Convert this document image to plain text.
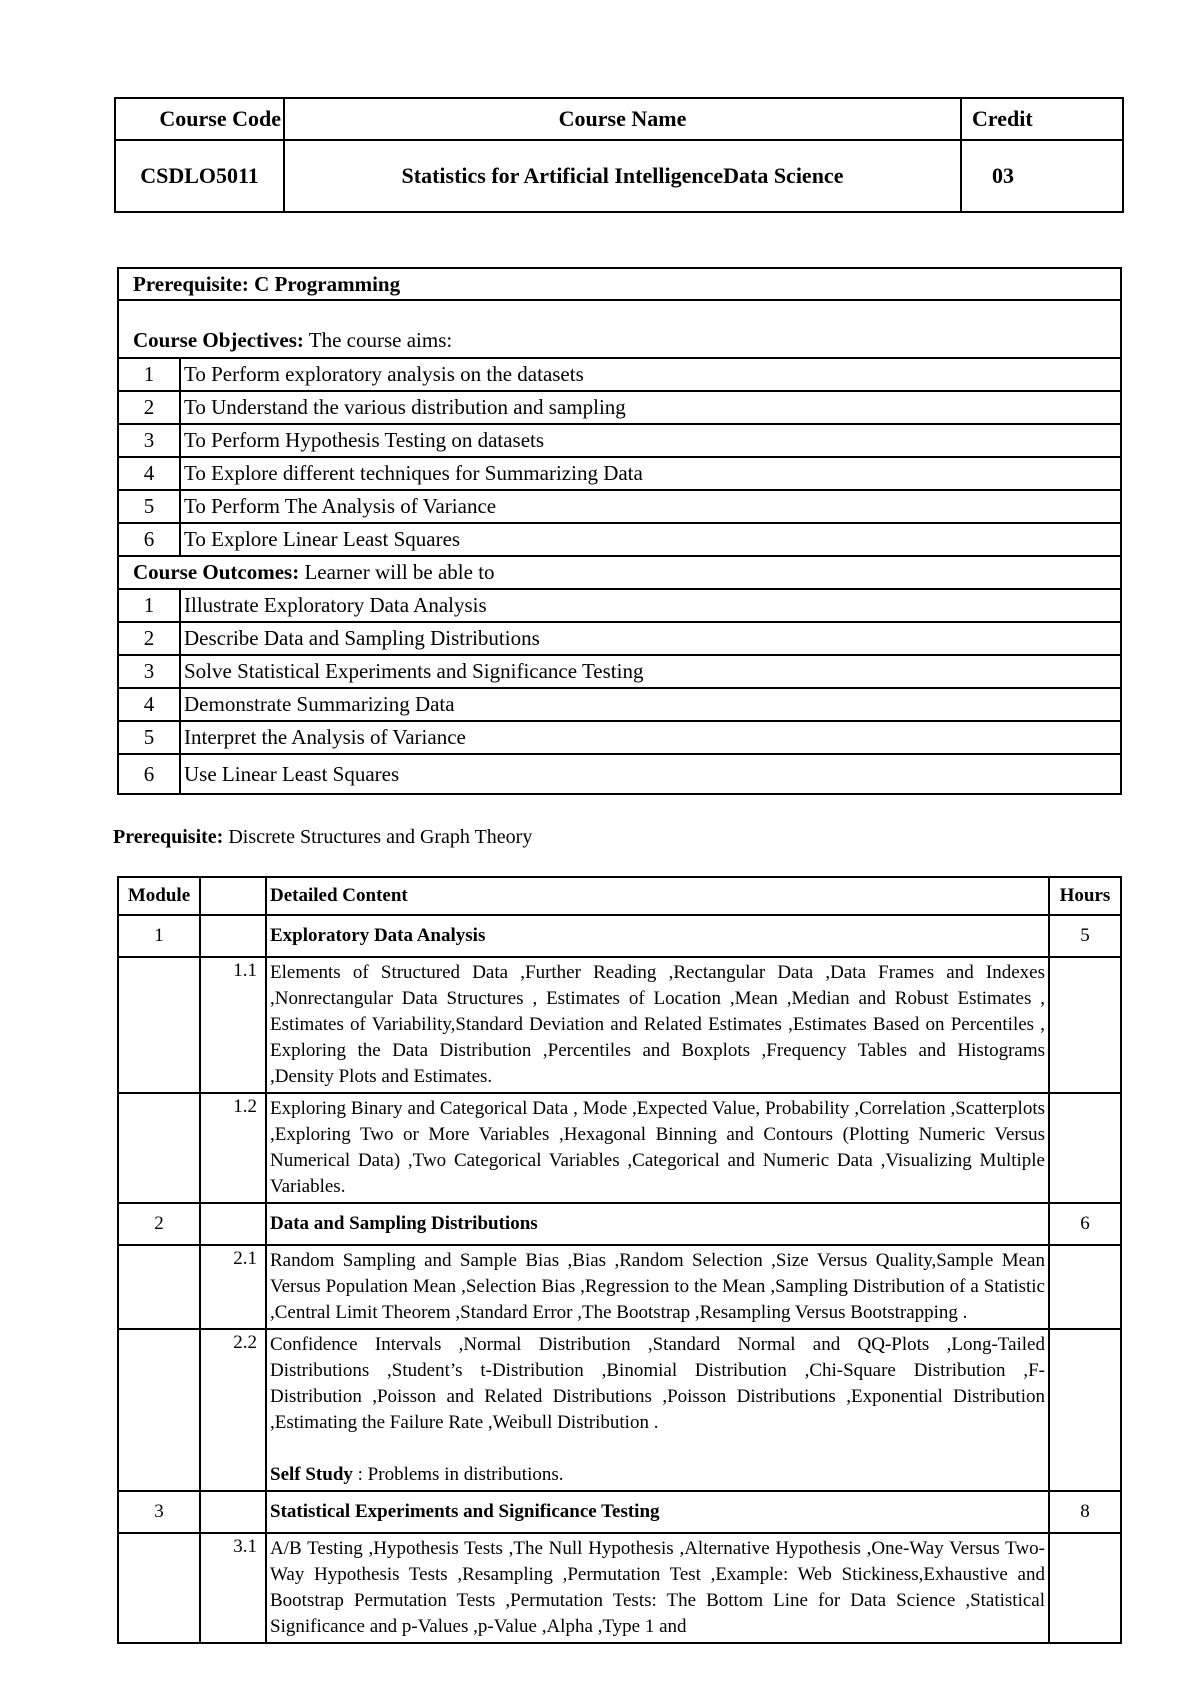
Course Code	Course Name	Credit
CSDLO5011	Statistics for Artificial IntelligenceData Science	03
Prerequisite: C Programming	
Course Objectives: The course aims:	
1	To Perform exploratory analysis on the datasets
2	To Understand the various distribution and sampling
3	To Perform Hypothesis Testing on datasets
4	To Explore different techniques for Summarizing Data
5	To Perform The Analysis of Variance
6	To Explore Linear Least Squares
Course Outcomes: Learner will be able to	
1	Illustrate Exploratory Data Analysis
2	Describe Data and Sampling Distributions
3	Solve Statistical Experiments and Significance Testing
4	Demonstrate Summarizing Data
5	Interpret the Analysis of Variance
6	Use Linear Least Squares
Prerequisite: Discrete Structures and Graph Theory
Module		Detailed Content	Hours
1		Exploratory Data Analysis	5
	1.1	Elements of Structured Data ,Further Reading ,Rectangular Data ,Data Frames and Indexes ,Nonrectangular Data Structures , Estimates of Location ,Mean ,Median and Robust Estimates , Estimates of Variability,Standard Deviation and Related Estimates ,Estimates Based on Percentiles , Exploring the Data Distribution ,Percentiles and Boxplots ,Frequency Tables and Histograms ,Density Plots and Estimates.	
	1.2	Exploring Binary and Categorical Data , Mode ,Expected Value, Probability ,Correlation ,Scatterplots ,Exploring Two or More Variables ,Hexagonal Binning and Contours (Plotting Numeric Versus Numerical Data) ,Two Categorical Variables ,Categorical and Numeric Data ,Visualizing Multiple Variables.	
2		Data and Sampling Distributions	6
	2.1	Random Sampling and Sample Bias ,Bias ,Random Selection ,Size Versus Quality,Sample Mean Versus Population Mean ,Selection Bias ,Regression to the Mean ,Sampling Distribution of a Statistic ,Central Limit Theorem ,Standard Error ,The Bootstrap ,Resampling Versus Bootstrapping .	
	2.2	Confidence Intervals ,Normal Distribution ,Standard Normal and QQ-Plots ,Long-Tailed Distributions ,Student’s t-Distribution ,Binomial Distribution ,Chi-Square Distribution ,F-Distribution ,Poisson and Related Distributions ,Poisson Distributions ,Exponential Distribution ,Estimating the Failure Rate ,Weibull Distribution .
Self Study : Problems in distributions.	

3		Statistical Experiments and Significance Testing	8
	3.1	A/B Testing ,Hypothesis Tests ,The Null Hypothesis ,Alternative Hypothesis ,One-Way Versus Two-Way Hypothesis Tests ,Resampling ,Permutation Test ,Example: Web Stickiness,Exhaustive and Bootstrap Permutation Tests ,Permutation Tests: The Bottom Line for Data Science ,Statistical Significance and p-Values ,p-Value ,Alpha ,Type 1 and	
